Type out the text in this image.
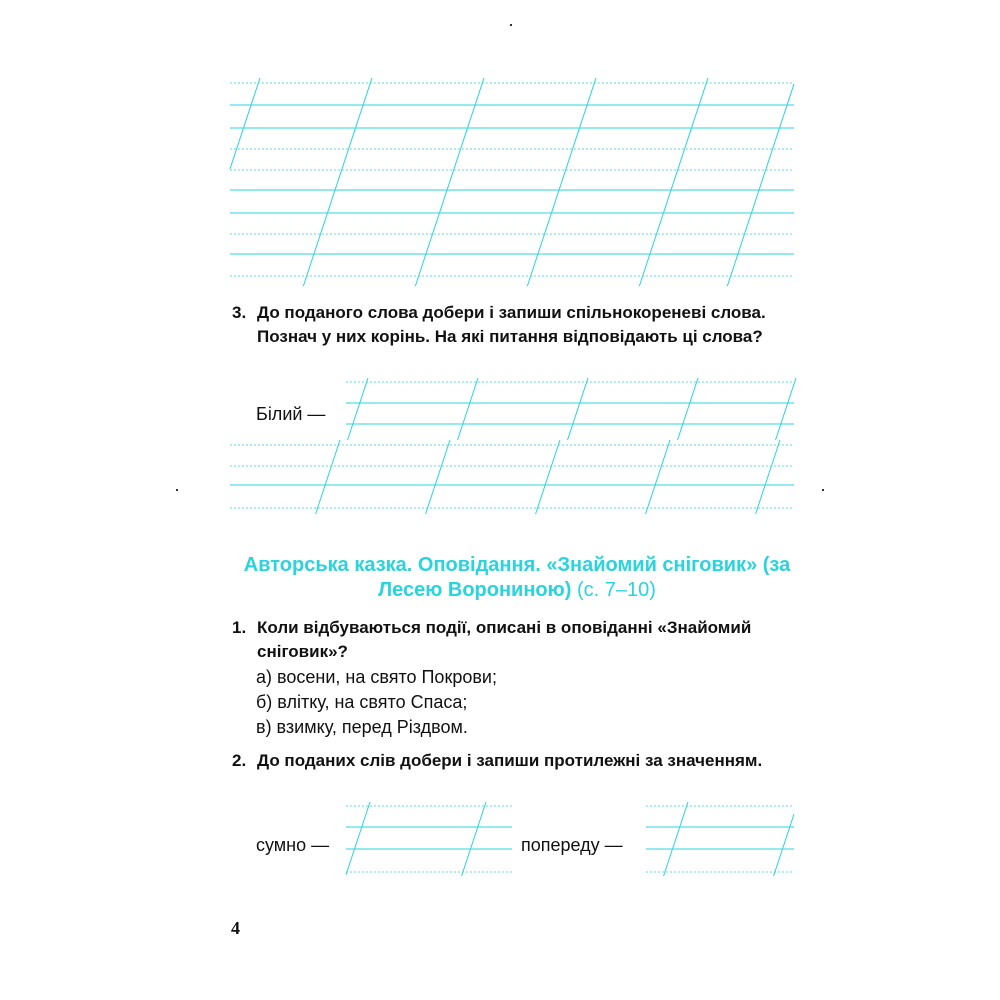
3. До поданого слова добери і запиши спільнокореневі слова. Познач у них корінь. На які питання відповідають ці слова?
Білий —
Авторська казка. Оповідання. «Знайомий сніговик» (за Лесею Ворониною) (с. 7–10)
1. Коли відбуваються події, описані в оповіданні «Знайомий сніговик»?
а) восени, на свято Покрови;
б) влітку, на свято Спаса;
в) взимку, перед Різдвом.
2. До поданих слів добери і запиши протилежні за значенням.
сумно —	попереду —
4
